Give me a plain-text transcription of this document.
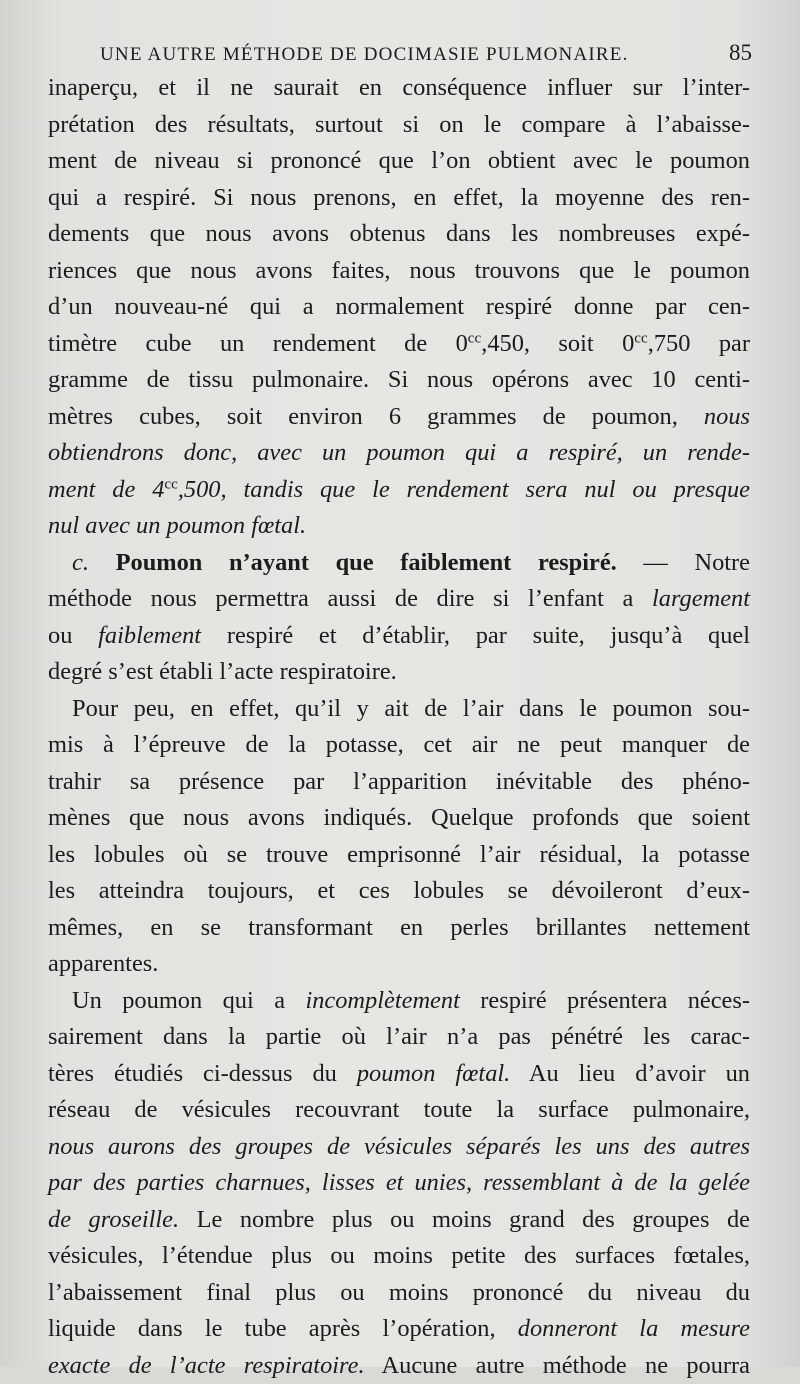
UNE AUTRE MÉTHODE DE DOCIMASIE PULMONAIRE.	85
inaperçu, et il ne saurait en conséquence influer sur l’inter-
prétation des résultats, surtout si on le compare à l’abaisse-
ment de niveau si prononcé que l’on obtient avec le poumon
qui a respiré. Si nous prenons, en effet, la moyenne des ren-
dements que nous avons obtenus dans les nombreuses expé-
riences que nous avons faites, nous trouvons que le poumon
d’un nouveau-né qui a normalement respiré donne par cen-
timètre cube un rendement de $0^{cc},450$, soit $0^{cc},750$ par
gramme de tissu pulmonaire. Si nous opérons avec 10 centi-
mètres cubes, soit environ 6 grammes de poumon, nous
obtiendrons donc, avec un poumon qui a respiré, un rende-
ment de $4^{cc},500$, tandis que le rendement sera nul ou presque
nul avec un poumon fœtal.
c. Poumon n’ayant que faiblement respiré. — Notre
méthode nous permettra aussi de dire si l’enfant a largement
ou faiblement respiré et d’établir, par suite, jusqu’à quel
degré s’est établi l’acte respiratoire.
Pour peu, en effet, qu’il y ait de l’air dans le poumon sou-
mis à l’épreuve de la potasse, cet air ne peut manquer de
trahir sa présence par l’apparition inévitable des phéno-
mènes que nous avons indiqués. Quelque profonds que soient
les lobules où se trouve emprisonné l’air résidual, la potasse
les atteindra toujours, et ces lobules se dévoileront d’eux-
mêmes, en se transformant en perles brillantes nettement
apparentes.
Un poumon qui a incomplètement respiré présentera néces-
sairement dans la partie où l’air n’a pas pénétré les carac-
tères étudiés ci-dessus du poumon fœtal. Au lieu d’avoir un
réseau de vésicules recouvrant toute la surface pulmonaire,
nous aurons des groupes de vésicules séparés les uns des autres
par des parties charnues, lisses et unies, ressemblant à de la gelée
de groseille. Le nombre plus ou moins grand des groupes de
vésicules, l’étendue plus ou moins petite des surfaces fœtales,
l’abaissement final plus ou moins prononcé du niveau du
liquide dans le tube après l’opération, donneront la mesure
exacte de l’acte respiratoire. Aucune autre méthode ne pourra
